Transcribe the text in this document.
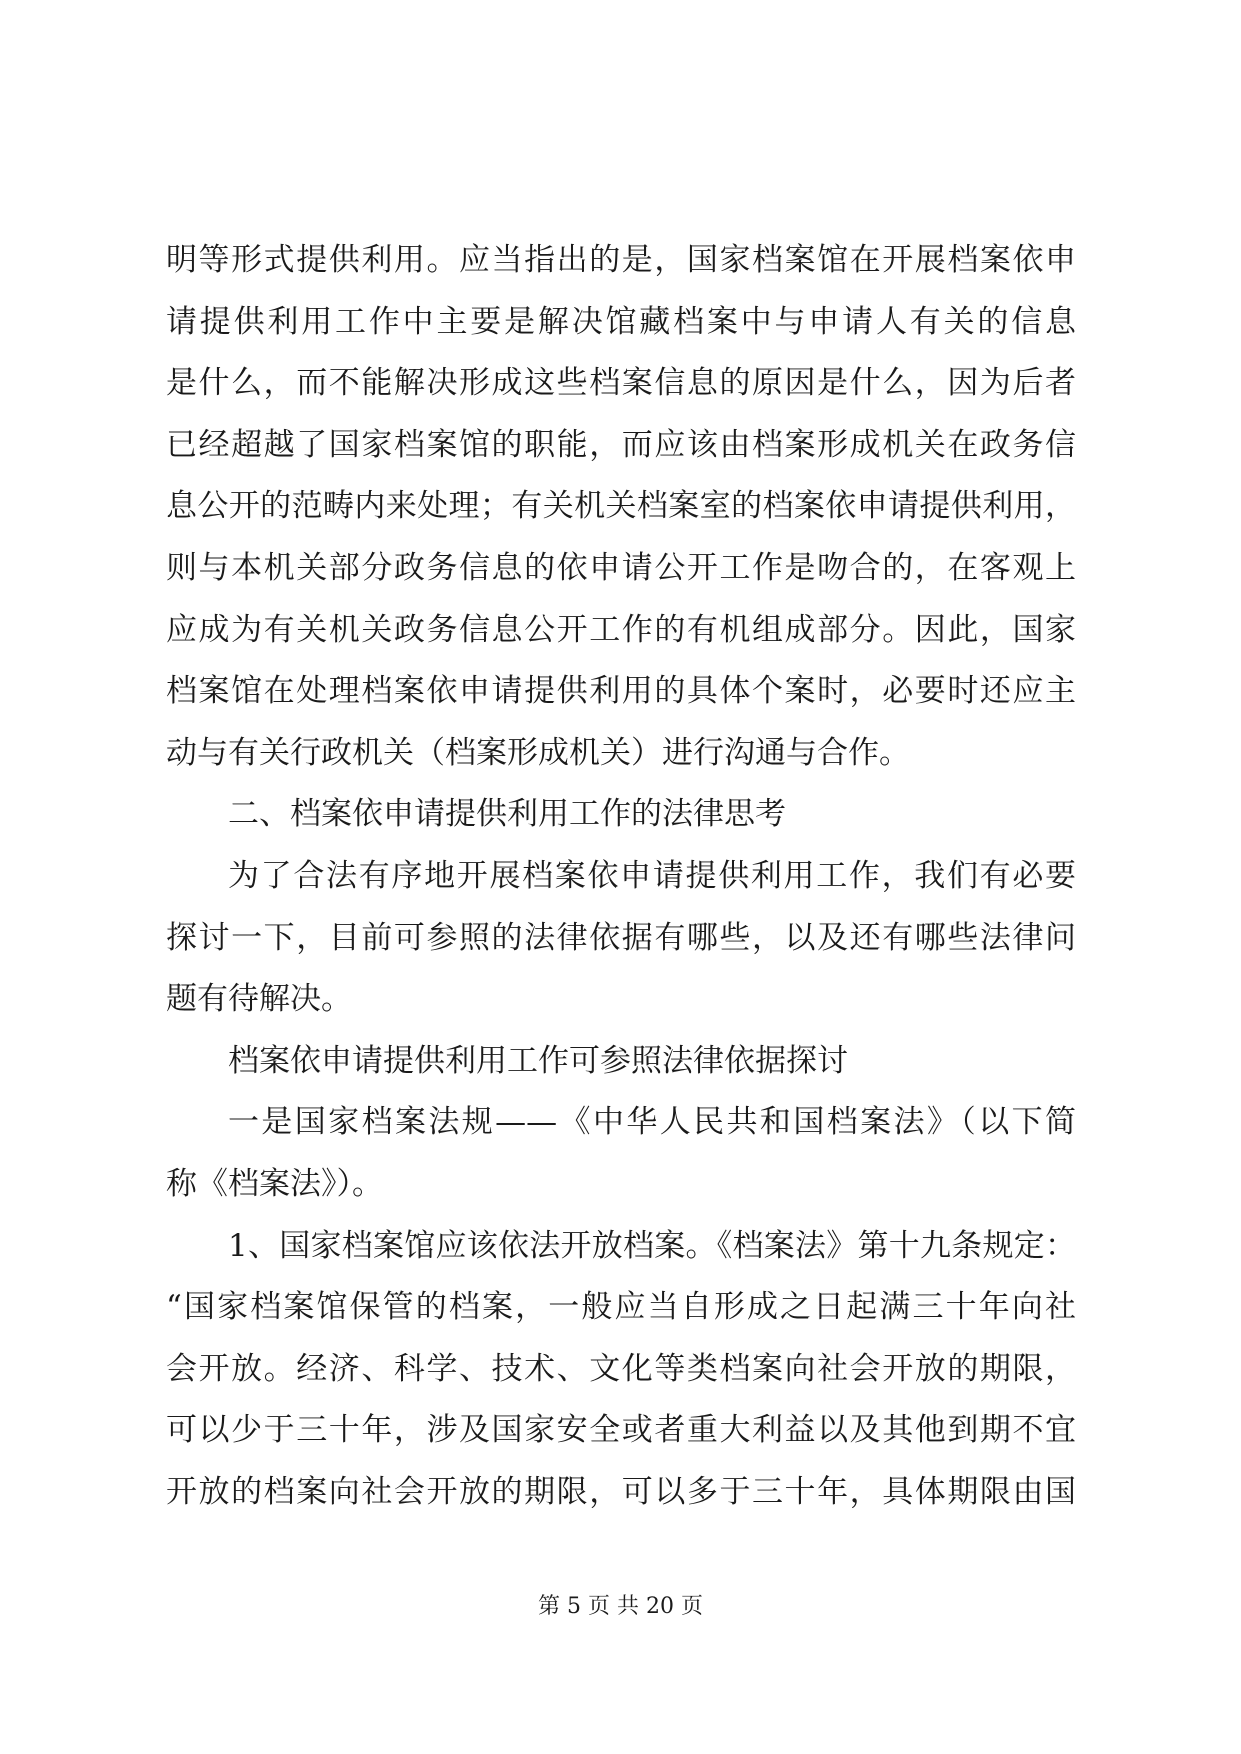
明等形式提供利用。应当指出的是，国家档案馆在开展档案依申
请提供利用工作中主要是解决馆藏档案中与申请人有关的信息
是什么，而不能解决形成这些档案信息的原因是什么，因为后者
已经超越了国家档案馆的职能，而应该由档案形成机关在政务信
息公开的范畴内来处理；有关机关档案室的档案依申请提供利用，
则与本机关部分政务信息的依申请公开工作是吻合的，在客观上
应成为有关机关政务信息公开工作的有机组成部分。因此，国家
档案馆在处理档案依申请提供利用的具体个案时，必要时还应主
动与有关行政机关（档案形成机关）进行沟通与合作。
二、档案依申请提供利用工作的法律思考
为了合法有序地开展档案依申请提供利用工作，我们有必要
探讨一下，目前可参照的法律依据有哪些，以及还有哪些法律问
题有待解决。
档案依申请提供利用工作可参照法律依据探讨
一是国家档案法规——《中华人民共和国档案法》（以下简
称《档案法》）。
1、国家档案馆应该依法开放档案。《档案法》第十九条规定：
“国家档案馆保管的档案，一般应当自形成之日起满三十年向社
会开放。经济、科学、技术、文化等类档案向社会开放的期限，
可以少于三十年，涉及国家安全或者重大利益以及其他到期不宜
开放的档案向社会开放的期限，可以多于三十年，具体期限由国
第 5 页 共 20 页
